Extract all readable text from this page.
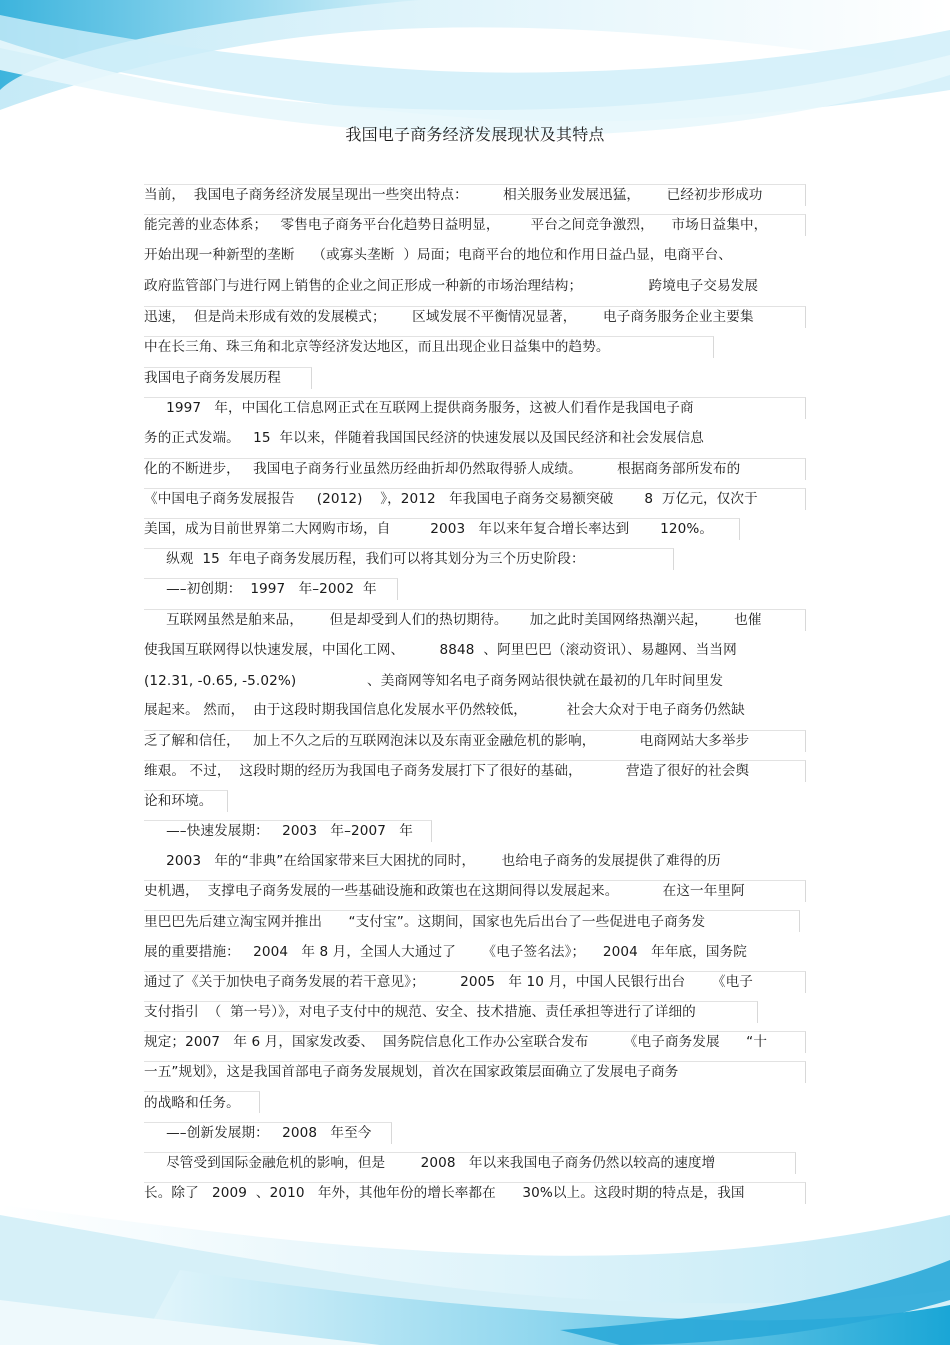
我国电子商务经济发展现状及其特点
当前，  我国电子商务经济发展呈现出一些突出特点：        相关服务业发展迅猛，      已经初步形成功
能完善的业态体系；   零售电子商务平台化趋势日益明显，       平台之间竞争激烈，    市场日益集中，
开始出现一种新型的垄断    （或寡头垄断  ）局面；电商平台的地位和作用日益凸显，电商平台、
政府监管部门与进行网上销售的企业之间正形成一种新的市场治理结构；               跨境电子交易发展
迅速，  但是尚未形成有效的发展模式；      区域发展不平衡情况显著，      电子商务服务企业主要集
中在长三角、珠三角和北京等经济发达地区，而且出现企业日益集中的趋势。
我国电子商务发展历程
1997   年，中国化工信息网正式在互联网上提供商务服务，这被人们看作是我国电子商
务的正式发端。   15  年以来，伴随着我国国民经济的快速发展以及国民经济和社会发展信息
化的不断进步，   我国电子商务行业虽然历经曲折却仍然取得骄人成绩。        根据商务部所发布的
《中国电子商务发展报告     (2012)    》，2012   年我国电子商务交易额突破       8  万亿元，仅次于
美国，成为目前世界第二大网购市场，自         2003   年以来年复合增长率达到       120%。
纵观  15  年电子商务发展历程，我们可以将其划分为三个历史阶段：
—–初创期：  1997   年–2002  年
互联网虽然是舶来品，      但是却受到人们的热切期待。     加之此时美国网络热潮兴起，      也催
使我国互联网得以快速发展，中国化工网、        8848  、阿里巴巴（滚动资讯）、易趣网、当当网
(12.31, -0.65, -5.02%)                、美商网等知名电子商务网站很快就在最初的几年时间里发
展起来。 然而，  由于这段时期我国信息化发展水平仍然较低，         社会大众对于电子商务仍然缺
乏了解和信任，   加上不久之后的互联网泡沫以及东南亚金融危机的影响，          电商网站大多举步
维艰。 不过，  这段时期的经历为我国电子商务发展打下了很好的基础，          营造了很好的社会舆
论和环境。
—–快速发展期：   2003   年–2007   年
2003   年的“非典”在给国家带来巨大困扰的同时，      也给电子商务的发展提供了难得的历
史机遇，  支撑电子商务发展的一些基础设施和政策也在这期间得以发展起来。          在这一年里阿
里巴巴先后建立淘宝网并推出      “支付宝”。这期间，国家也先后出台了一些促进电子商务发
展的重要措施：   2004   年 8 月，全国人大通过了      《电子签名法》；    2004   年年底，国务院
通过了《关于加快电子商务发展的若干意见》；        2005   年 10 月，中国人民银行出台      《电子
支付指引  （  第一号）》，对电子支付中的规范、安全、技术措施、责任承担等进行了详细的
规定；2007   年 6 月，国家发改委、  国务院信息化工作办公室联合发布        《电子商务发展      “十
一五”规划》，这是我国首部电子商务发展规划，首次在国家政策层面确立了发展电子商务
的战略和任务。
—–创新发展期：   2008   年至今
尽管受到国际金融危机的影响，但是        2008   年以来我国电子商务仍然以较高的速度增
长。除了   2009  、2010   年外，其他年份的增长率都在      30%以上。这段时期的特点是，我国
